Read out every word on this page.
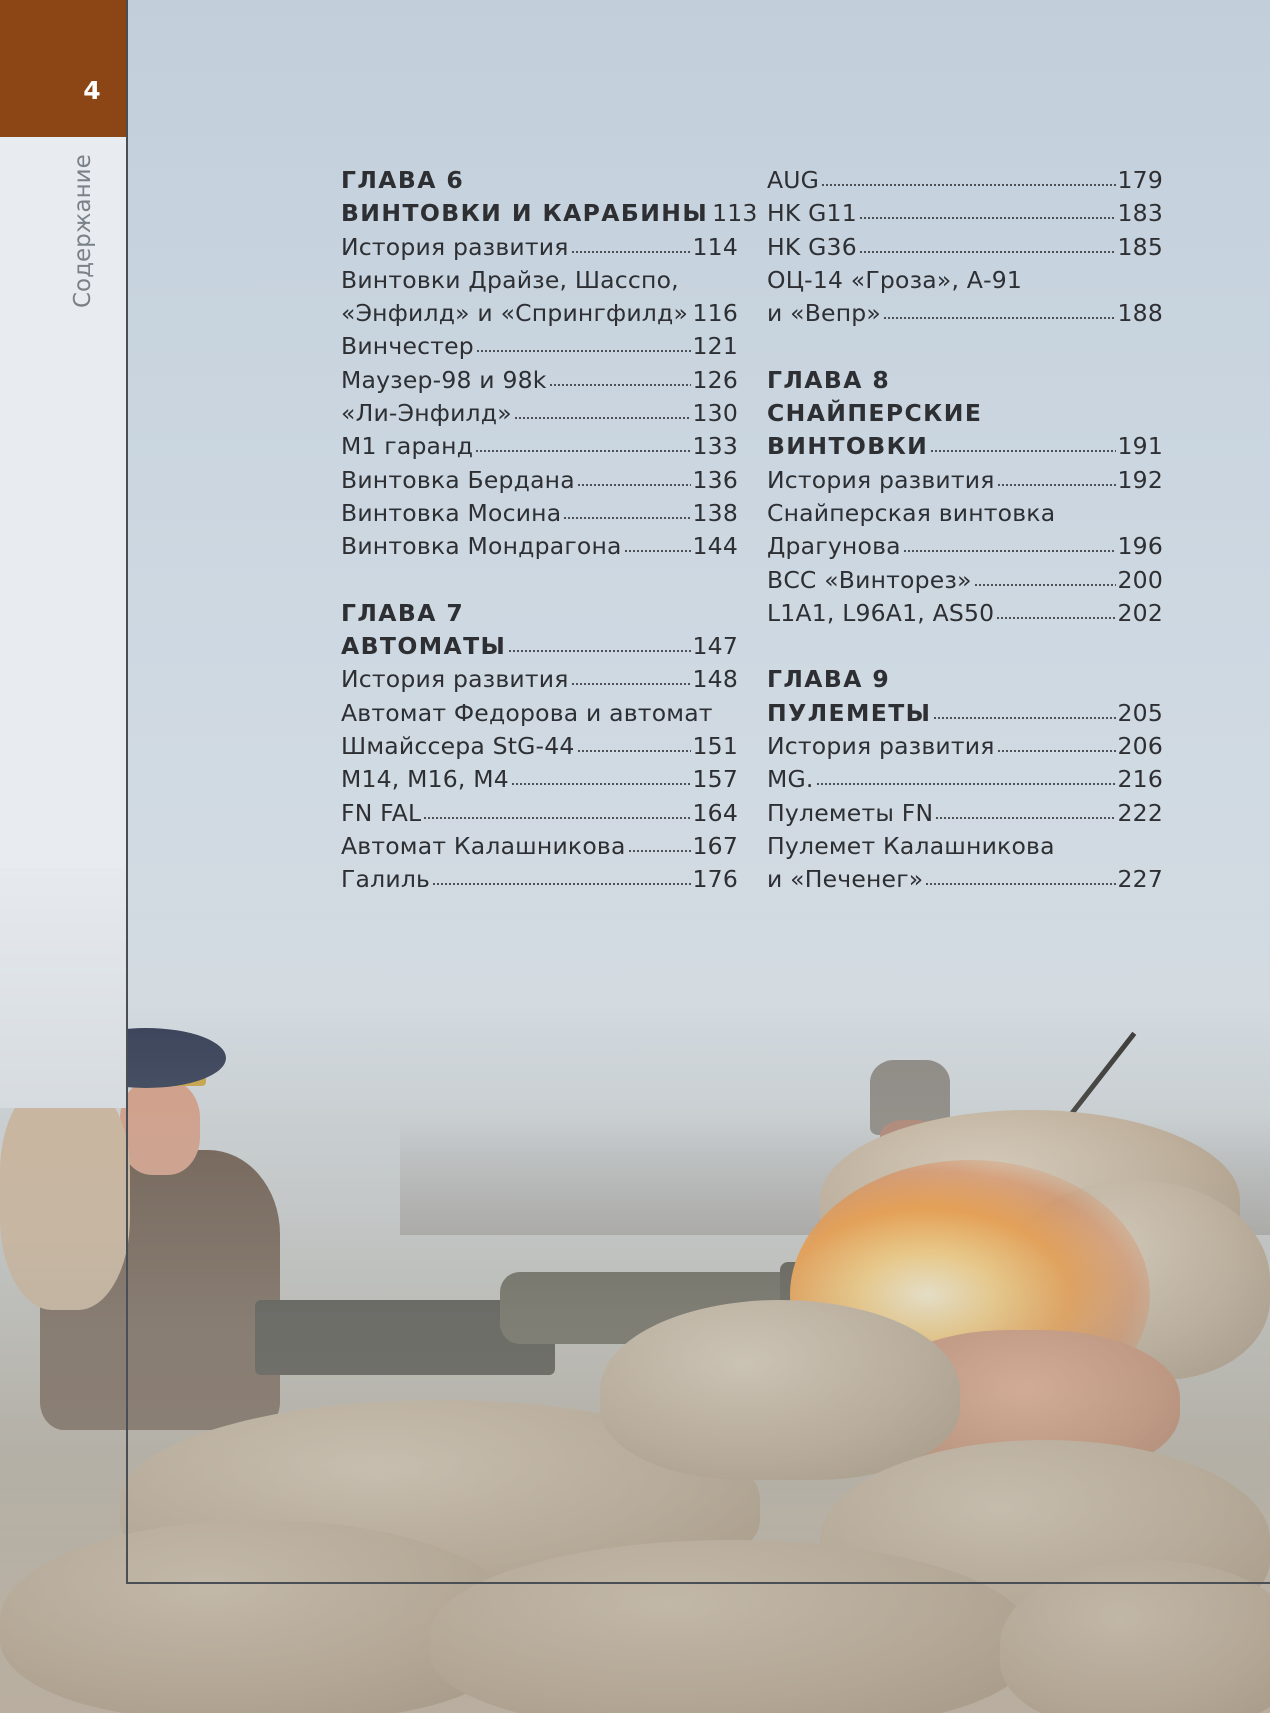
4
Содержание	ГЛАВА 6
ВИНТОВКИ И КАРАБИНЫ 113
История развития	114
Винтовки Драйзе, Шасспо,
«Энфилд» и «Спрингфилд» 116
Винчестер	121
Маузер-98 и 98k	126
«Ли-Энфилд»	130
М1 гаранд	133
Винтовка Бердана	136
Винтовка Мосина	138
Винтовка Мондрагона	144
ГЛАВА 7
АВТОМАТЫ	147
История развития	148
Автомат Федорова и автомат
Шмайссера StG-44	151
М14, М16, М4	157
FN FAL	164
Автомат Калашникова	167
Галиль	176
AUG	179
HK G11	183
HK G36	185
ОЦ-14 «Гроза», А-91
и «Вепр»	188
ГЛАВА 8
СНАЙПЕРСКИЕ
ВИНТОВКИ	191
История развития	192
Снайперская винтовка
Драгунова	196
ВСС «Винторез»	200
L1A1, L96A1, AS50	202
ГЛАВА 9
ПУЛЕМЕТЫ	205
История развития	206
MG.	216
Пулеметы FN	222
Пулемет Калашникова
и «Печенег»	227
